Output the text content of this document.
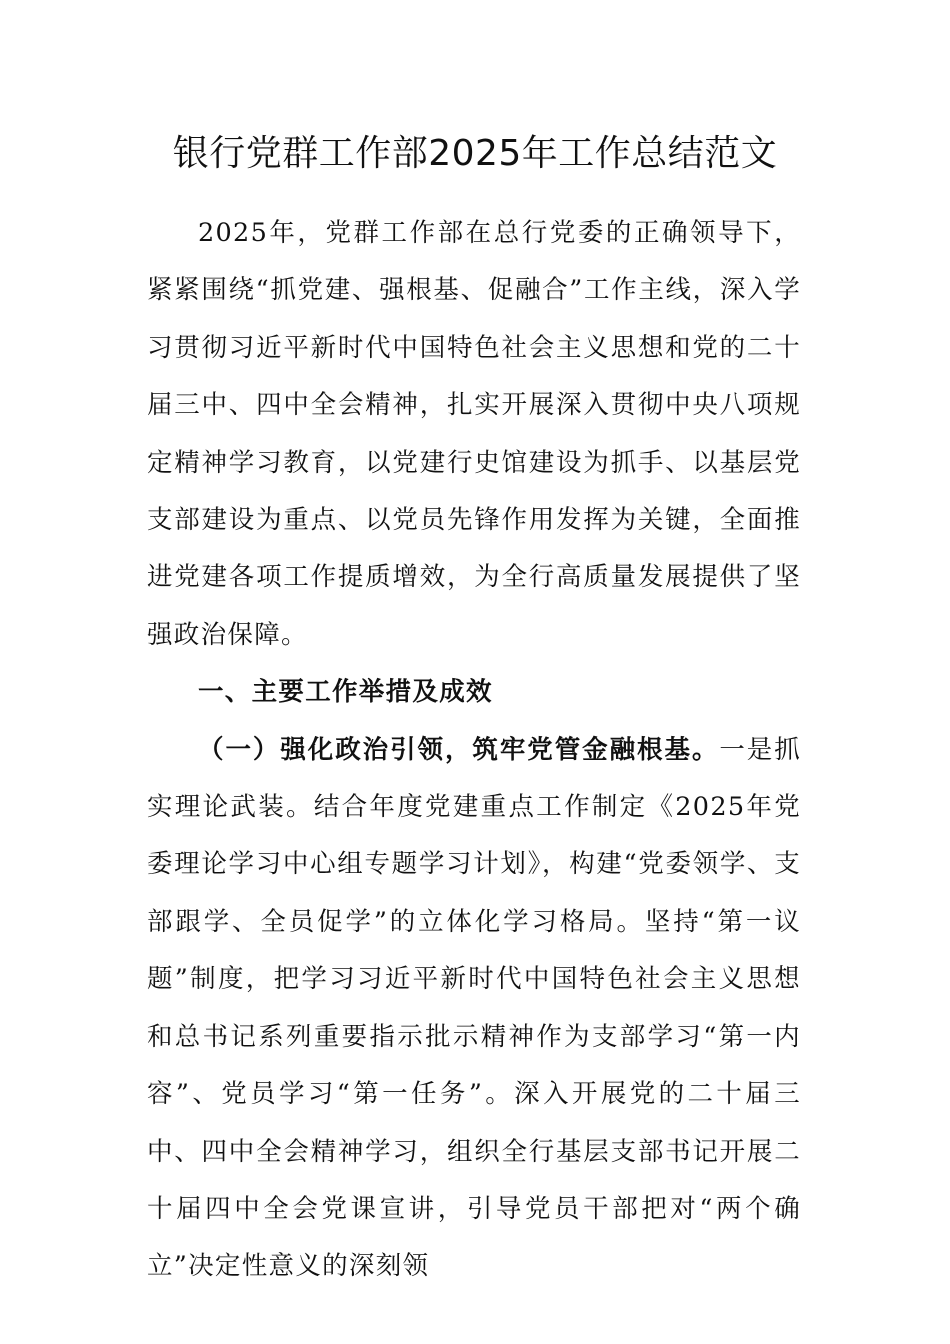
银行党群工作部2025年工作总结范文

2025年，党群工作部在总行党委的正确领导下，紧紧围绕“抓党建、强根基、促融合”工作主线，深入学习贯彻习近平新时代中国特色社会主义思想和党的二十届三中、四中全会精神，扎实开展深入贯彻中央八项规定精神学习教育，以党建行史馆建设为抓手、以基层党支部建设为重点、以党员先锋作用发挥为关键，全面推进党建各项工作提质增效，为全行高质量发展提供了坚强政治保障。

一、主要工作举措及成效

（一）强化政治引领，筑牢党管金融根基。一是抓实理论武装。结合年度党建重点工作制定《2025年党委理论学习中心组专题学习计划》，构建“党委领学、支部跟学、全员促学”的立体化学习格局。坚持“第一议题”制度，把学习习近平新时代中国特色社会主义思想和总书记系列重要指示批示精神作为支部学习“第一内容”、党员学习“第一任务”。深入开展党的二十届三中、四中全会精神学习，组织全行基层支部书记开展二十届四中全会党课宣讲，引导党员干部把对“两个确立”决定性意义的深刻领
